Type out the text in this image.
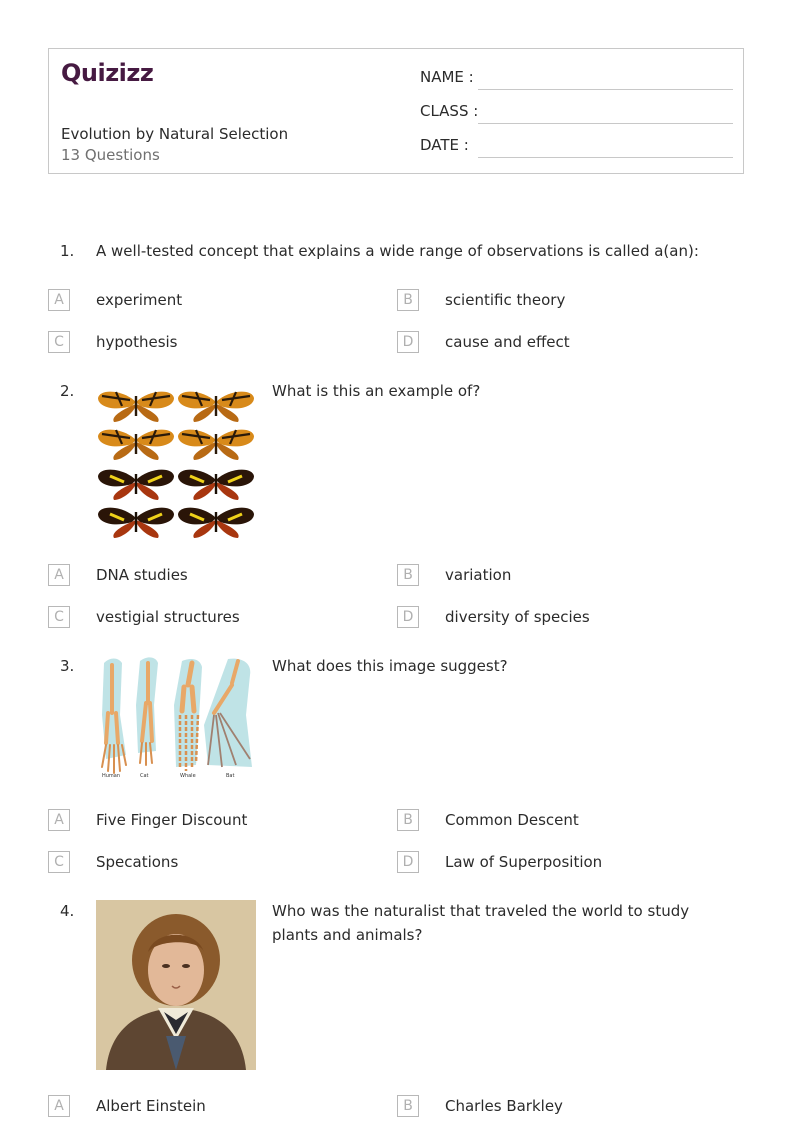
Quizizz
Evolution by Natural Selection
13 Questions
NAME :
CLASS :
DATE :
1. A well-tested concept that explains a wide range of observations is called a(an):
A	experiment	B	scientific theory
C	hypothesis	D	cause and effect
2.	What is this an example of?
A	DNA studies	B	variation
C	vestigial structures	D	diversity of species
3.
Human	Cat	Whale	Bat
What does this image suggest?
A	Five Finger Discount	B	Common Descent
C	Specations	D	Law of Superposition
4.	Who was the naturalist that traveled the world to study plants and animals?
A	Albert Einstein	B	Charles Barkley
